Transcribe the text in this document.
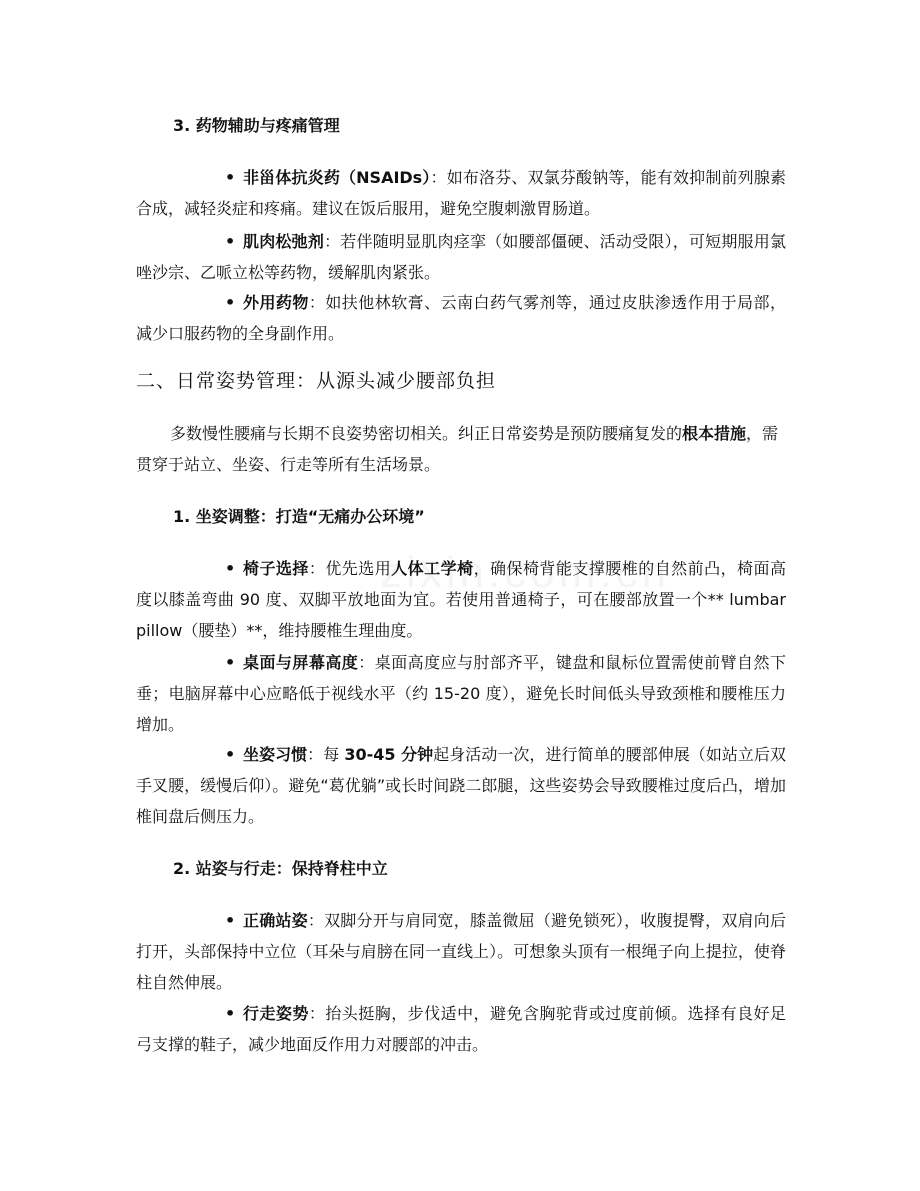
3. 药物辅助与疼痛管理
• 非甾体抗炎药（NSAIDs）：如布洛芬、双氯芬酸钠等，能有效抑制前列腺素合成，减轻炎症和疼痛。建议在饭后服用，避免空腹刺激胃肠道。
• 肌肉松弛剂：若伴随明显肌肉痉挛（如腰部僵硬、活动受限），可短期服用氯唑沙宗、乙哌立松等药物，缓解肌肉紧张。
• 外用药物：如扶他林软膏、云南白药气雾剂等，通过皮肤渗透作用于局部，减少口服药物的全身副作用。
二、日常姿势管理：从源头减少腰部负担
多数慢性腰痛与长期不良姿势密切相关。纠正日常姿势是预防腰痛复发的根本措施，需贯穿于站立、坐姿、行走等所有生活场景。
1. 坐姿调整：打造“无痛办公环境”
• 椅子选择：优先选用人体工学椅，确保椅背能支撑腰椎的自然前凸，椅面高度以膝盖弯曲 90 度、双脚平放地面为宜。若使用普通椅子，可在腰部放置一个** lumbar pillow（腰垫）**，维持腰椎生理曲度。
• 桌面与屏幕高度：桌面高度应与肘部齐平，键盘和鼠标位置需使前臂自然下垂；电脑屏幕中心应略低于视线水平（约 15-20 度），避免长时间低头导致颈椎和腰椎压力增加。
• 坐姿习惯：每 30-45 分钟起身活动一次，进行简单的腰部伸展（如站立后双手叉腰，缓慢后仰）。避免“葛优躺”或长时间跷二郎腿，这些姿势会导致腰椎过度后凸，增加椎间盘后侧压力。
2. 站姿与行走：保持脊柱中立
• 正确站姿：双脚分开与肩同宽，膝盖微屈（避免锁死），收腹提臀，双肩向后打开，头部保持中立位（耳朵与肩膀在同一直线上）。可想象头顶有一根绳子向上提拉，使脊柱自然伸展。
• 行走姿势：抬头挺胸，步伐适中，避免含胸驼背或过度前倾。选择有良好足弓支撑的鞋子，减少地面反作用力对腰部的冲击。
